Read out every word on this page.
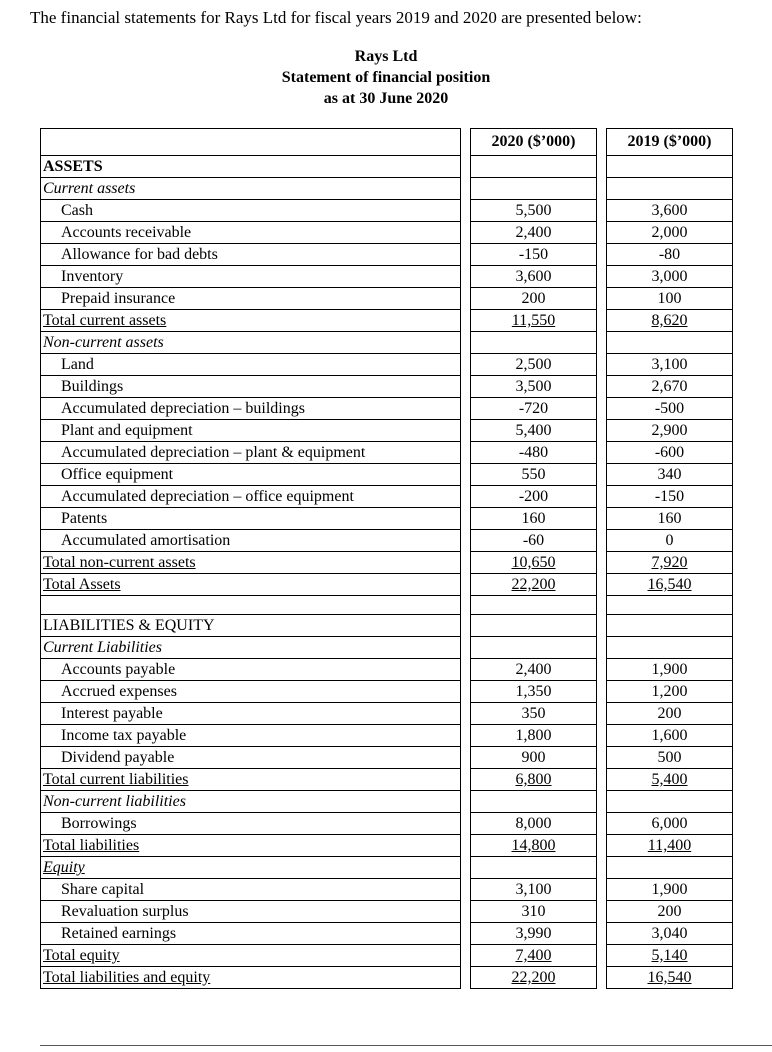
The financial statements for Rays Ltd for fiscal years 2019 and 2020 are presented below:
Rays Ltd
Statement of financial position
as at 30 June 2020
		2020 ($’000)		2019 ($’000)
ASSETS				
Current assets				
Cash		5,500		3,600
Accounts receivable		2,400		2,000
Allowance for bad debts		-150		-80
Inventory		3,600		3,000
Prepaid insurance		200		100
Total current assets		11,550		8,620
Non-current assets				
Land		2,500		3,100
Buildings		3,500		2,670
Accumulated depreciation – buildings		-720		-500
Plant and equipment		5,400		2,900
Accumulated depreciation – plant & equipment		-480		-600
Office equipment		550		340
Accumulated depreciation – office equipment		-200		-150
Patents		160		160
Accumulated amortisation		-60		0
Total non-current assets		10,650		7,920
Total Assets		22,200		16,540

LIABILITIES & EQUITY				
Current Liabilities				
Accounts payable		2,400		1,900
Accrued expenses		1,350		1,200
Interest payable		350		200
Income tax payable		1,800		1,600
Dividend payable		900		500
Total current liabilities		6,800		5,400
Non-current liabilities				
Borrowings		8,000		6,000
Total liabilities		14,800		11,400
Equity				
Share capital		3,100		1,900
Revaluation surplus		310		200
Retained earnings		3,990		3,040
Total equity		7,400		5,140
Total liabilities and equity		22,200		16,540
